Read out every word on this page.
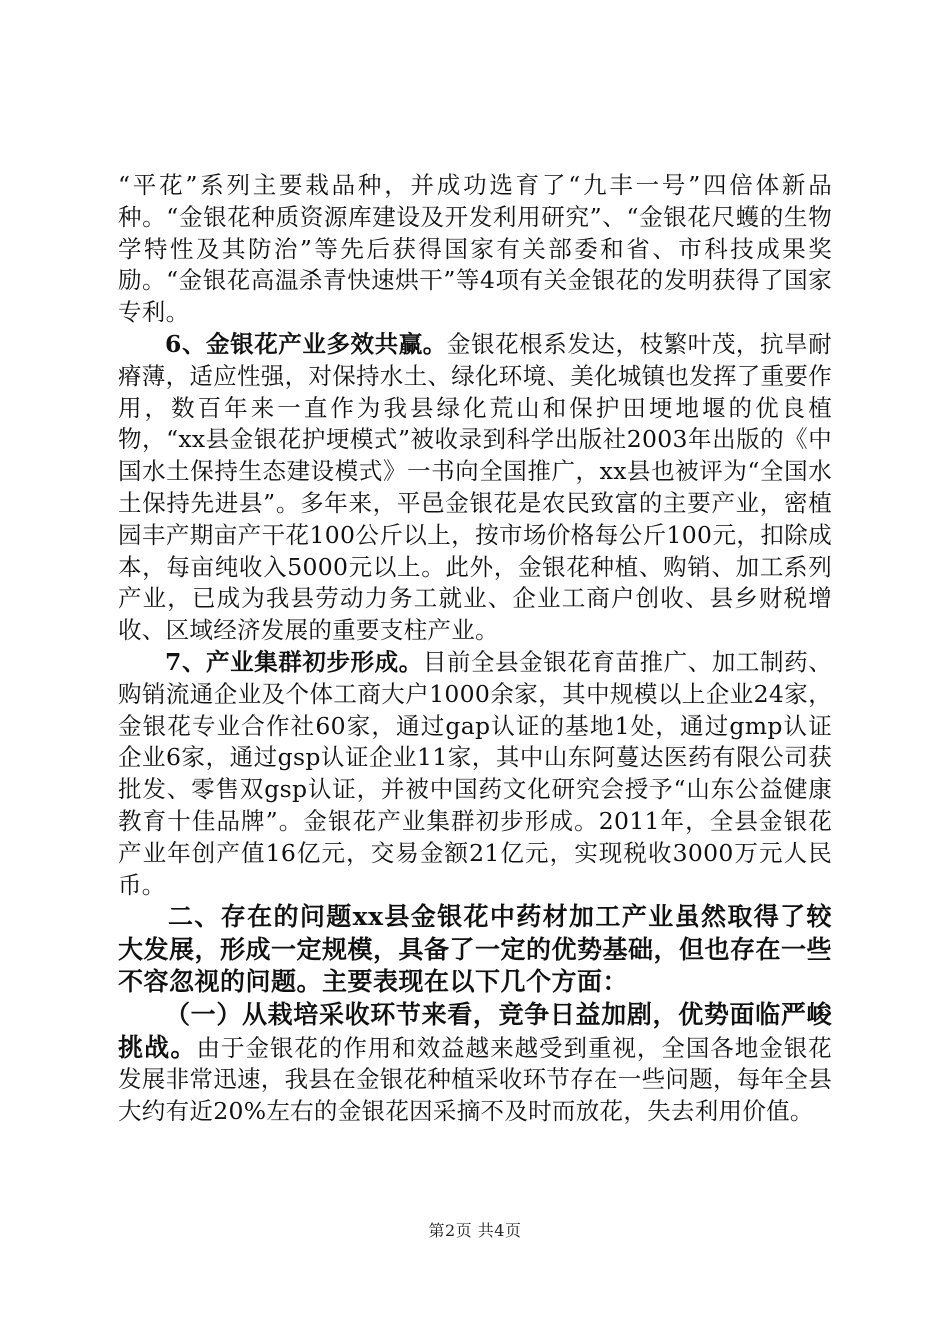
“平花”系列主要栽品种，并成功选育了“九丰一号”四倍体新品种。“金银花种质资源库建设及开发利用研究”、“金银花尺蠖的生物学特性及其防治”等先后获得国家有关部委和省、市科技成果奖励。“金银花高温杀青快速烘干”等4项有关金银花的发明获得了国家专利。

6、金银花产业多效共赢。金银花根系发达，枝繁叶茂，抗旱耐瘠薄，适应性强，对保持水土、绿化环境、美化城镇也发挥了重要作用，数百年来一直作为我县绿化荒山和保护田埂地堰的优良植物，“xx县金银花护埂模式”被收录到科学出版社2003年出版的《中国水土保持生态建设模式》一书向全国推广，xx县也被评为“全国水土保持先进县”。多年来，平邑金银花是农民致富的主要产业，密植园丰产期亩产干花100公斤以上，按市场价格每公斤100元，扣除成本，每亩纯收入5000元以上。此外，金银花种植、购销、加工系列产业，已成为我县劳动力务工就业、企业工商户创收、县乡财税增收、区域经济发展的重要支柱产业。

7、产业集群初步形成。目前全县金银花育苗推广、加工制药、购销流通企业及个体工商大户1000余家，其中规模以上企业24家，金银花专业合作社60家，通过gap认证的基地1处，通过gmp认证企业6家，通过gsp认证企业11家，其中山东阿蔓达医药有限公司获批发、零售双gsp认证，并被中国药文化研究会授予“山东公益健康教育十佳品牌”。金银花产业集群初步形成。2011年，全县金银花产业年创产值16亿元，交易金额21亿元，实现税收3000万元人民币。

二、存在的问题xx县金银花中药材加工产业虽然取得了较大发展，形成一定规模，具备了一定的优势基础，但也存在一些不容忽视的问题。主要表现在以下几个方面：

（一）从栽培采收环节来看，竞争日益加剧，优势面临严峻挑战。由于金银花的作用和效益越来越受到重视，全国各地金银花发展非常迅速，我县在金银花种植采收环节存在一些问题，每年全县大约有近20%左右的金银花因采摘不及时而放花，失去利用价值。

第2页 共4页
